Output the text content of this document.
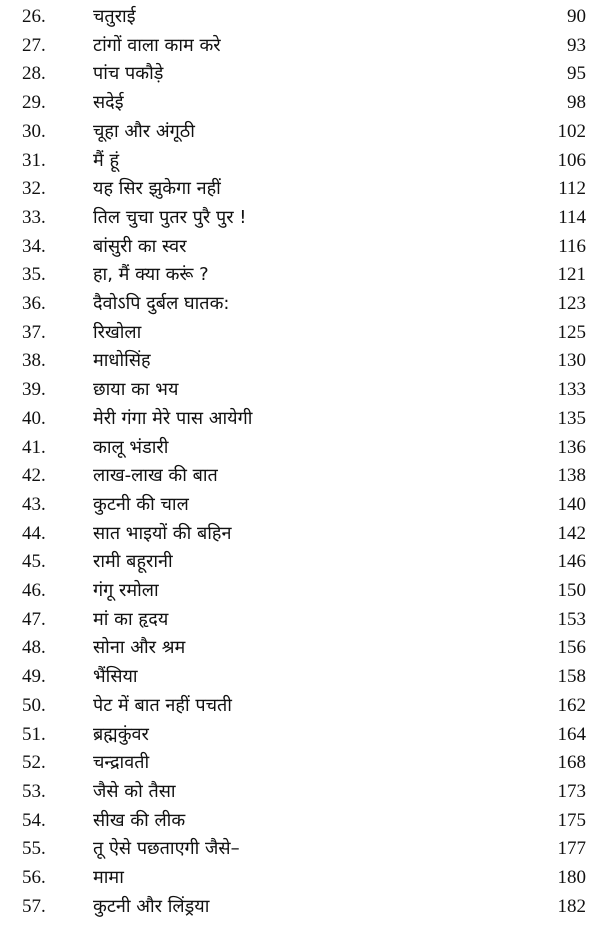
26.	चतुराई	90
27.	टांगों वाला काम करे	93
28.	पांच पकौड़े	95
29.	सदेई	98
30.	चूहा और अंगूठी	102
31.	मैं हूं	106
32.	यह सिर झुकेगा नहीं	112
33.	तिल चुचा पुतर पुरै पुर !	114
34.	बांसुरी का स्वर	116
35.	हा, मैं क्या करूं ?	121
36.	दैवोऽपि दुर्बल घातक:	123
37.	रिखोला	125
38.	माधोसिंह	130
39.	छाया का भय	133
40.	मेरी गंगा मेरे पास आयेगी	135
41.	कालू भंडारी	136
42.	लाख-लाख की बात	138
43.	कुटनी की चाल	140
44.	सात भाइयों की बहिन	142
45.	रामी बहूरानी	146
46.	गंगू रमोला	150
47.	मां का हृदय	153
48.	सोना और श्रम	156
49.	भैंसिया	158
50.	पेट में बात नहीं पचती	162
51.	ब्रह्मकुंवर	164
52.	चन्द्रावती	168
53.	जैसे को तैसा	173
54.	सीख की लीक	175
55.	तू ऐसे पछताएगी जैसे–	177
56.	मामा	180
57.	कुटनी और लिंड्रया	182
